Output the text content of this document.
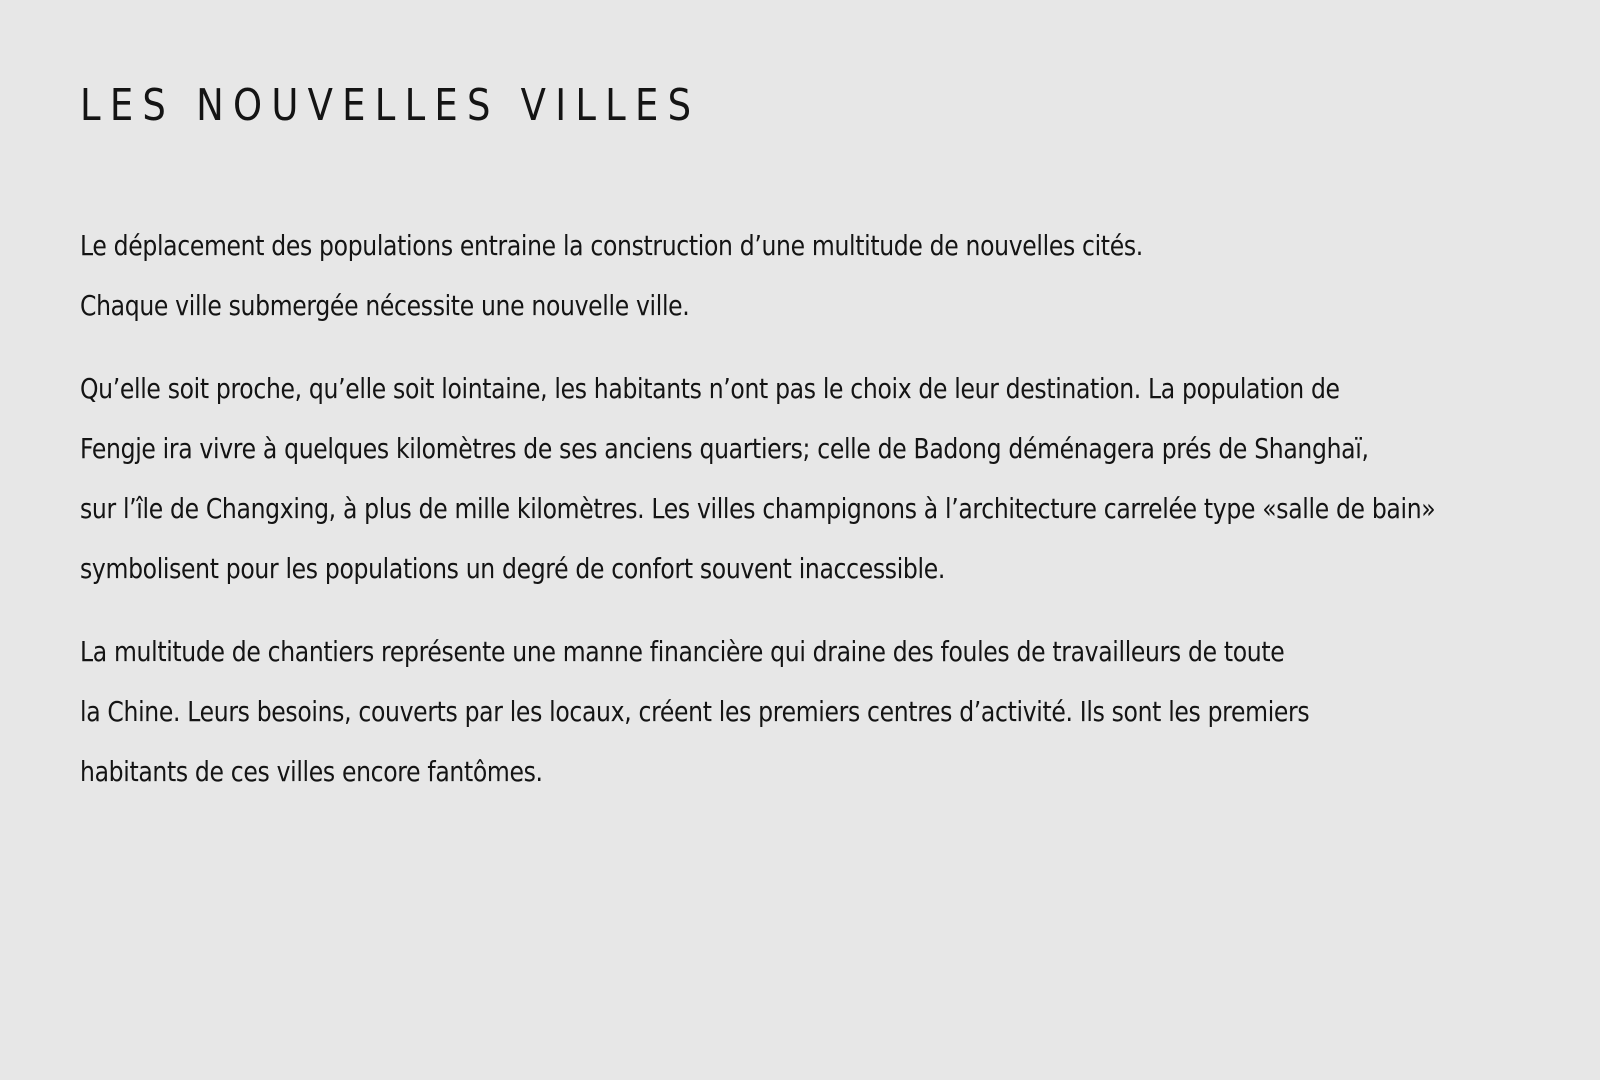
LES NOUVELLES VILLES

Le déplacement des populations entraine la construction d’une multitude de nouvelles cités.
Chaque ville submergée nécessite une nouvelle ville.

Qu’elle soit proche, qu’elle soit lointaine, les habitants n’ont pas le choix de leur destination. La population de
Fengje ira vivre à quelques kilomètres de ses anciens quartiers; celle de Badong déménagera prés de Shanghaï,
sur l’île de Changxing, à plus de mille kilomètres. Les villes champignons à l’architecture carrelée type «salle de bain»
symbolisent pour les populations un degré de confort souvent inaccessible.

La multitude de chantiers représente une manne financière qui draine des foules de travailleurs de toute
la Chine. Leurs besoins, couverts par les locaux, créent les premiers centres d’activité. Ils sont les premiers
habitants de ces villes encore fantômes.
